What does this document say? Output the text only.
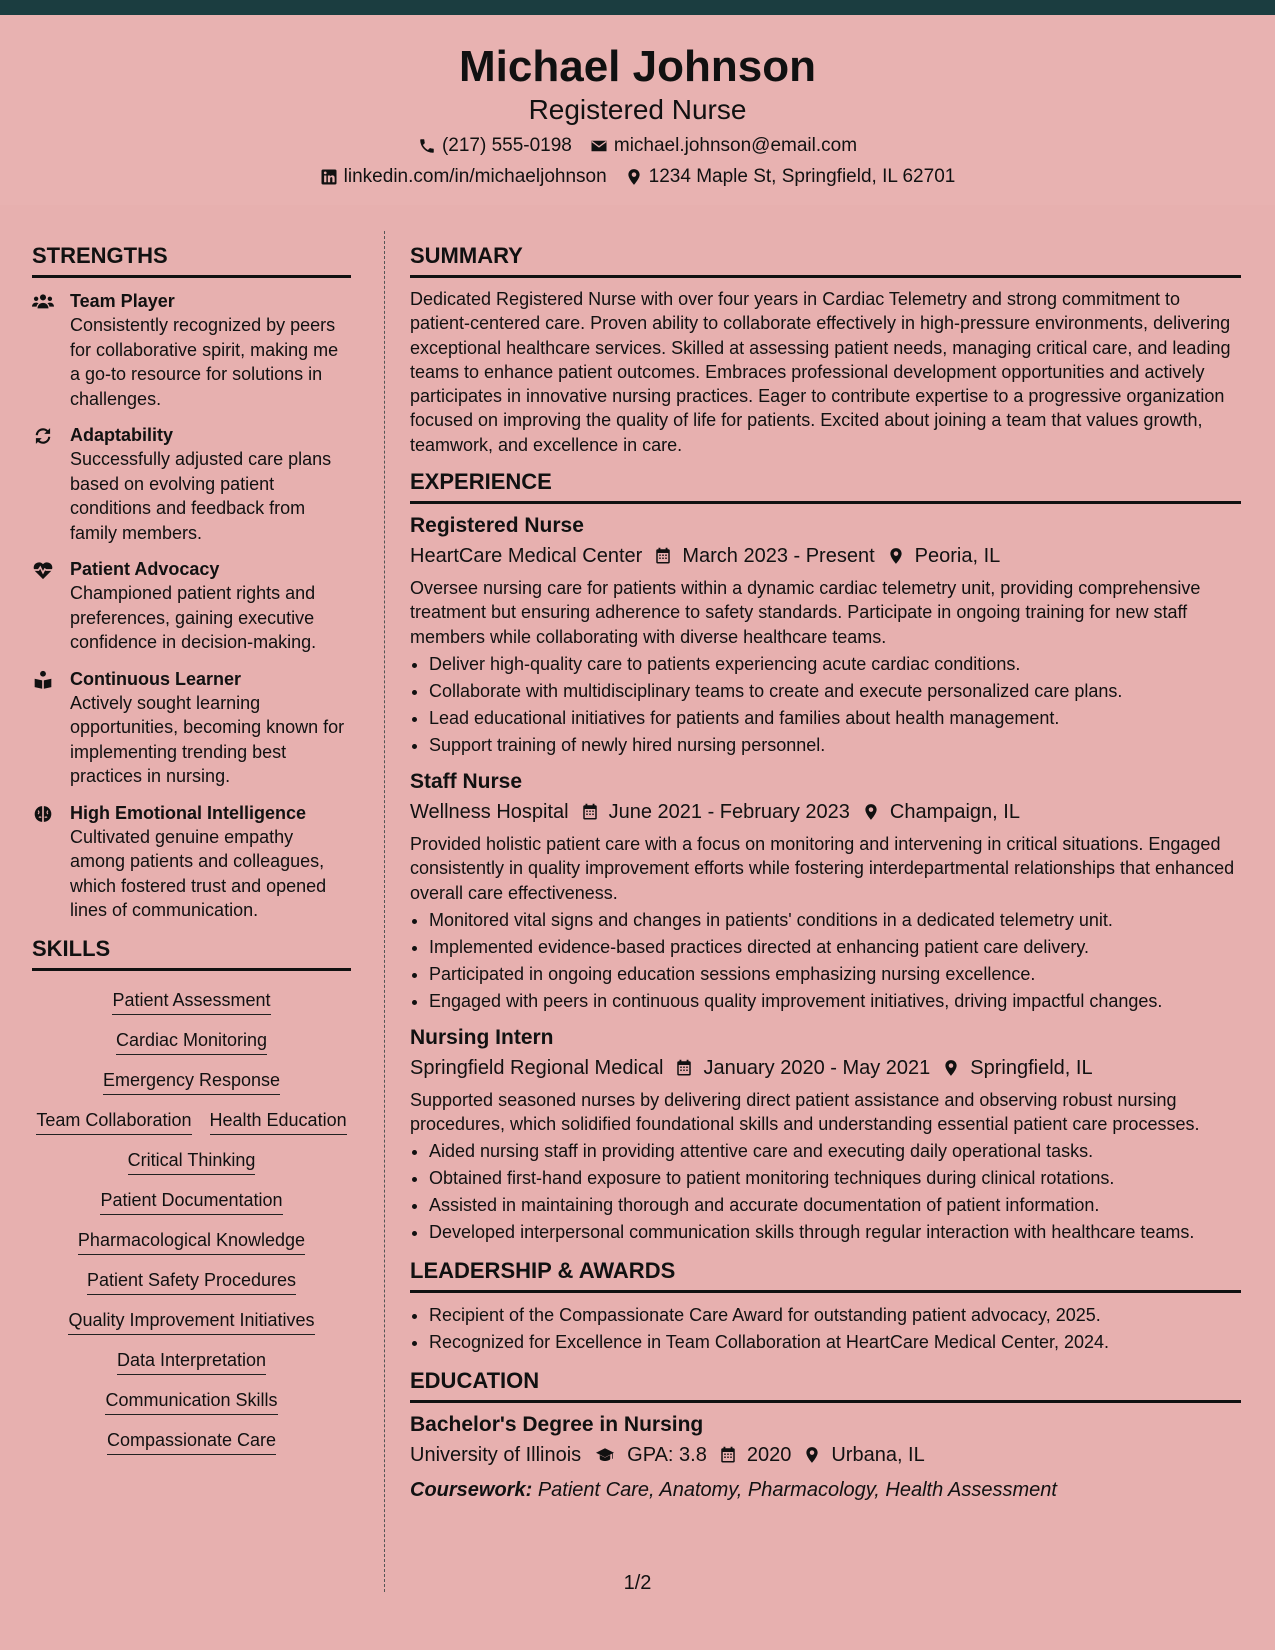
Michael Johnson
Registered Nurse
(217) 555-0198 michael.johnson@email.com
linkedin.com/in/michaeljohnson 1234 Maple St, Springfield, IL 62701
STRENGTHS
Team Player
Consistently recognized by peers for collaborative spirit, making me a go-to resource for solutions in challenges.
Adaptability
Successfully adjusted care plans based on evolving patient conditions and feedback from family members.
Patient Advocacy
Championed patient rights and preferences, gaining executive confidence in decision-making.
Continuous Learner
Actively sought learning opportunities, becoming known for implementing trending best practices in nursing.
High Emotional Intelligence
Cultivated genuine empathy among patients and colleagues, which fostered trust and opened lines of communication.
SKILLS
Patient Assessment
Cardiac Monitoring
Emergency Response
Team Collaboration Health Education
Critical Thinking
Patient Documentation
Pharmacological Knowledge
Patient Safety Procedures
Quality Improvement Initiatives
Data Interpretation
Communication Skills
Compassionate Care
SUMMARY
Dedicated Registered Nurse with over four years in Cardiac Telemetry and strong commitment to patient-centered care. Proven ability to collaborate effectively in high-pressure environments, delivering exceptional healthcare services. Skilled at assessing patient needs, managing critical care, and leading teams to enhance patient outcomes. Embraces professional development opportunities and actively participates in innovative nursing practices. Eager to contribute expertise to a progressive organization focused on improving the quality of life for patients. Excited about joining a team that values growth, teamwork, and excellence in care.
EXPERIENCE
Registered Nurse
HeartCare Medical Center March 2023 - Present Peoria, IL
Oversee nursing care for patients within a dynamic cardiac telemetry unit, providing comprehensive treatment but ensuring adherence to safety standards. Participate in ongoing training for new staff members while collaborating with diverse healthcare teams.
• Deliver high-quality care to patients experiencing acute cardiac conditions.
• Collaborate with multidisciplinary teams to create and execute personalized care plans.
• Lead educational initiatives for patients and families about health management.
• Support training of newly hired nursing personnel.
Staff Nurse
Wellness Hospital June 2021 - February 2023 Champaign, IL
Provided holistic patient care with a focus on monitoring and intervening in critical situations. Engaged consistently in quality improvement efforts while fostering interdepartmental relationships that enhanced overall care effectiveness.
• Monitored vital signs and changes in patients' conditions in a dedicated telemetry unit.
• Implemented evidence-based practices directed at enhancing patient care delivery.
• Participated in ongoing education sessions emphasizing nursing excellence.
• Engaged with peers in continuous quality improvement initiatives, driving impactful changes.
Nursing Intern
Springfield Regional Medical January 2020 - May 2021 Springfield, IL
Supported seasoned nurses by delivering direct patient assistance and observing robust nursing procedures, which solidified foundational skills and understanding essential patient care processes.
• Aided nursing staff in providing attentive care and executing daily operational tasks.
• Obtained first-hand exposure to patient monitoring techniques during clinical rotations.
• Assisted in maintaining thorough and accurate documentation of patient information.
• Developed interpersonal communication skills through regular interaction with healthcare teams.
LEADERSHIP & AWARDS
• Recipient of the Compassionate Care Award for outstanding patient advocacy, 2025.
• Recognized for Excellence in Team Collaboration at HeartCare Medical Center, 2024.
EDUCATION
Bachelor's Degree in Nursing
University of Illinois GPA: 3.8 2020 Urbana, IL
Coursework: Patient Care, Anatomy, Pharmacology, Health Assessment
1/2
